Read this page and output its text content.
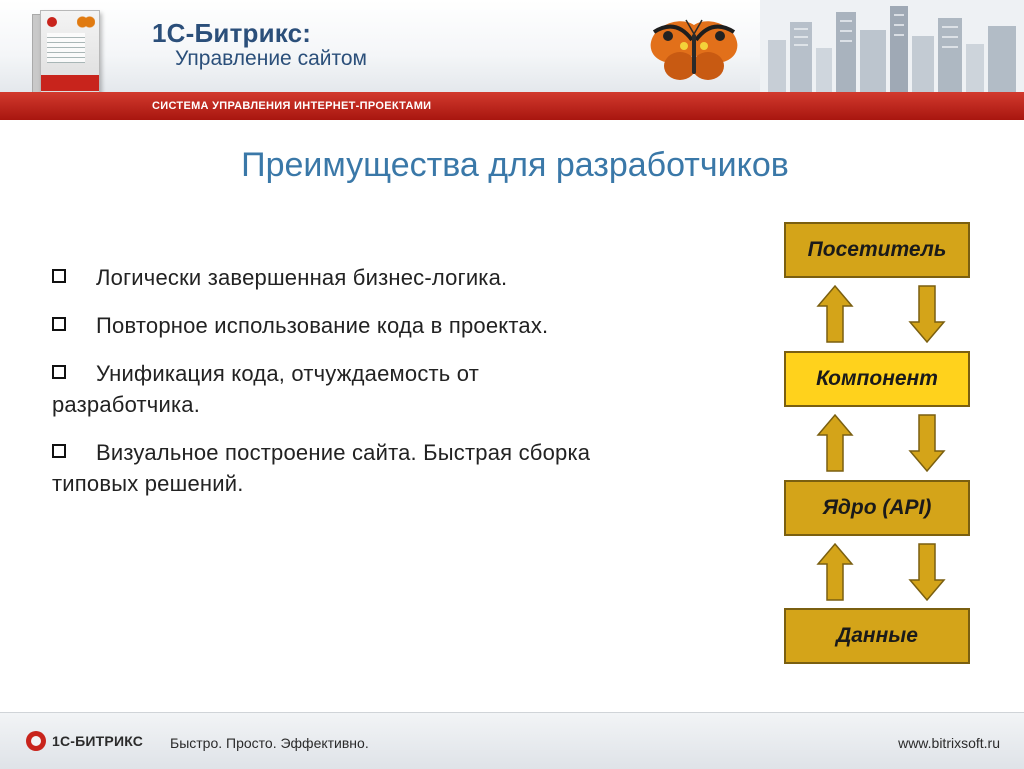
1С-Битрикс:
Управление сайтом
СИСТЕМА УПРАВЛЕНИЯ ИНТЕРНЕТ-ПРОЕКТАМИ
Преимущества для разработчиков
Логически завершенная бизнес-логика.
Повторное использование кода в проектах.
Унификация кода, отчуждаемость от разработчика.
Визуальное построение сайта. Быстрая сборка типовых решений.
Посетитель
Компонент
Ядро (API)
Данные
1С-БИТРИКС Быстро. Просто. Эффективно.	www.bitrixsoft.ru
